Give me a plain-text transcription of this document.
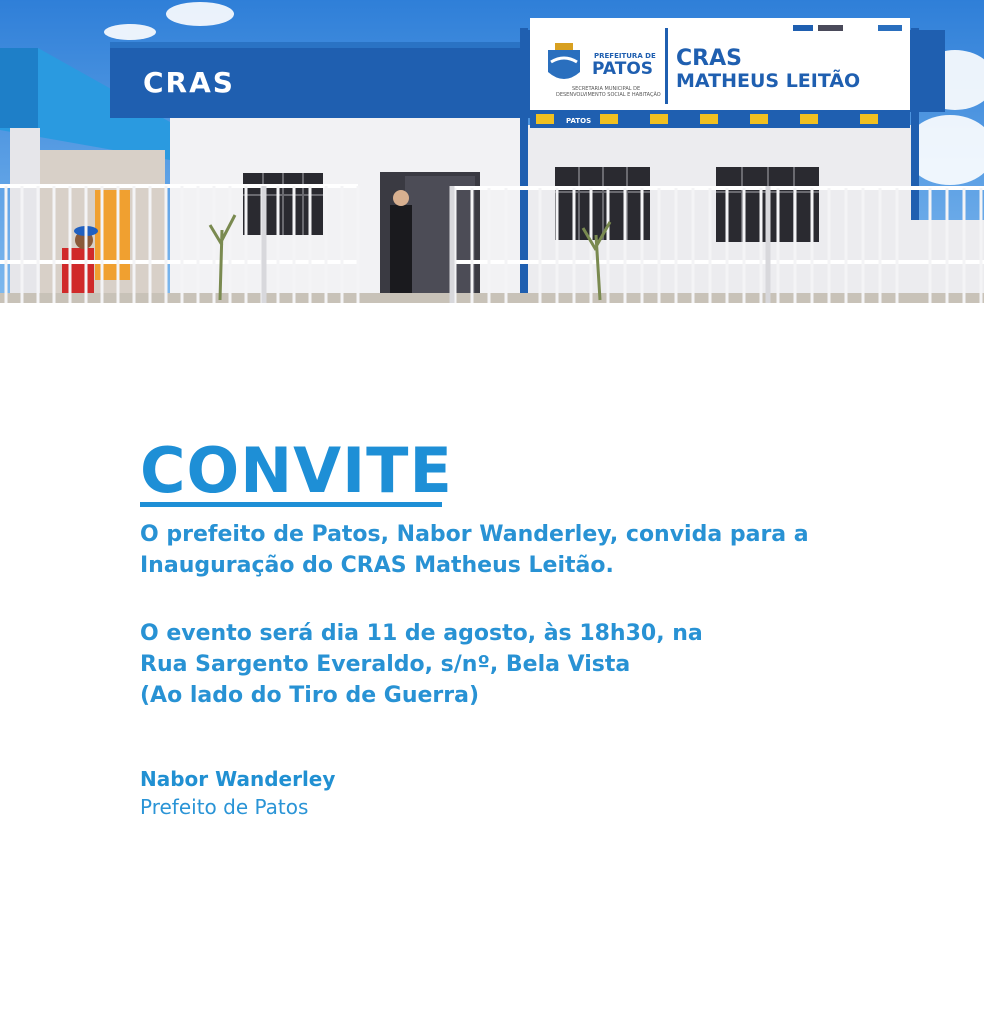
CRAS
PREFEITURA DE
PATOS
SECRETARIA MUNICIPAL DE
DESENVOLVIMENTO SOCIAL E HABITAÇÃO
CRAS
MATHEUS LEITÃO
PATOS
CONVITE

O prefeito de Patos, Nabor Wanderley, convida para a
Inauguração do CRAS Matheus Leitão.

O evento será dia 11 de agosto, às 18h30, na
Rua Sargento Everaldo, s/nº, Bela Vista
(Ao lado do Tiro de Guerra)

Nabor Wanderley
Prefeito de Patos
